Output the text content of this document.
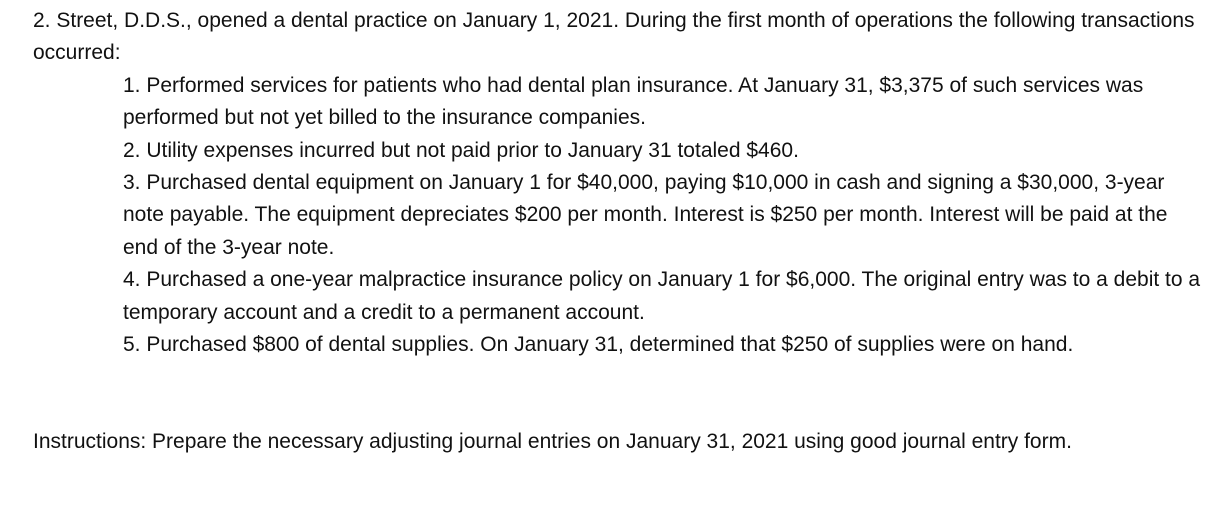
2. Street, D.D.S., opened a dental practice on January 1, 2021. During the first month of operations the following transactions occurred:

1. Performed services for patients who had dental plan insurance. At January 31, $3,375 of such services was performed but not yet billed to the insurance companies.
2. Utility expenses incurred but not paid prior to January 31 totaled $460.
3. Purchased dental equipment on January 1 for $40,000, paying $10,000 in cash and signing a $30,000, 3-year note payable. The equipment depreciates $200 per month. Interest is $250 per month. Interest will be paid at the end of the 3-year note.
4. Purchased a one-year malpractice insurance policy on January 1 for $6,000. The original entry was to a debit to a temporary account and a credit to a permanent account.
5. Purchased $800 of dental supplies. On January 31, determined that $250 of supplies were on hand.

Instructions: Prepare the necessary adjusting journal entries on January 31, 2021 using good journal entry form.
